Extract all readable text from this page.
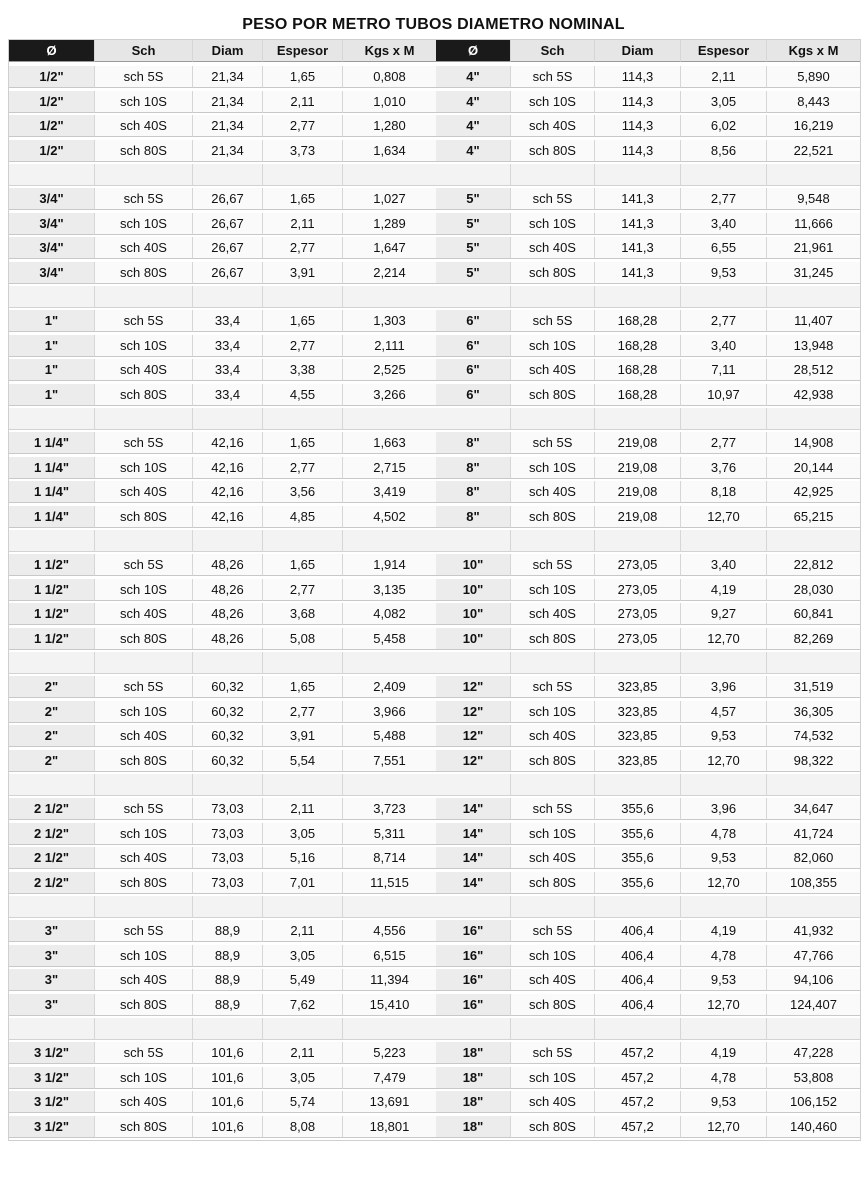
PESO POR METRO TUBOS DIAMETRO NOMINAL
Ø	Sch	Diam	Espesor	Kgs x M
1/2"	sch 5S	21,34	1,65	0,808
1/2"	sch 10S	21,34	2,11	1,010
1/2"	sch 40S	21,34	2,77	1,280
1/2"	sch 80S	21,34	3,73	1,634
3/4"	sch 5S	26,67	1,65	1,027
3/4"	sch 10S	26,67	2,11	1,289
3/4"	sch 40S	26,67	2,77	1,647
3/4"	sch 80S	26,67	3,91	2,214
1"	sch 5S	33,4	1,65	1,303
1"	sch 10S	33,4	2,77	2,111
1"	sch 40S	33,4	3,38	2,525
1"	sch 80S	33,4	4,55	3,266
1 1/4"	sch 5S	42,16	1,65	1,663
1 1/4"	sch 10S	42,16	2,77	2,715
1 1/4"	sch 40S	42,16	3,56	3,419
1 1/4"	sch 80S	42,16	4,85	4,502
1 1/2"	sch 5S	48,26	1,65	1,914
1 1/2"	sch 10S	48,26	2,77	3,135
1 1/2"	sch 40S	48,26	3,68	4,082
1 1/2"	sch 80S	48,26	5,08	5,458
2"	sch 5S	60,32	1,65	2,409
2"	sch 10S	60,32	2,77	3,966
2"	sch 40S	60,32	3,91	5,488
2"	sch 80S	60,32	5,54	7,551
2 1/2"	sch 5S	73,03	2,11	3,723
2 1/2"	sch 10S	73,03	3,05	5,311
2 1/2"	sch 40S	73,03	5,16	8,714
2 1/2"	sch 80S	73,03	7,01	11,515
3"	sch 5S	88,9	2,11	4,556
3"	sch 10S	88,9	3,05	6,515
3"	sch 40S	88,9	5,49	11,394
3"	sch 80S	88,9	7,62	15,410
3 1/2"	sch 5S	101,6	2,11	5,223
3 1/2"	sch 10S	101,6	3,05	7,479
3 1/2"	sch 40S	101,6	5,74	13,691
3 1/2"	sch 80S	101,6	8,08	18,801
Ø	Sch	Diam	Espesor	Kgs x M
4"	sch 5S	114,3	2,11	5,890
4"	sch 10S	114,3	3,05	8,443
4"	sch 40S	114,3	6,02	16,219
4"	sch 80S	114,3	8,56	22,521
5"	sch 5S	141,3	2,77	9,548
5"	sch 10S	141,3	3,40	11,666
5"	sch 40S	141,3	6,55	21,961
5"	sch 80S	141,3	9,53	31,245
6"	sch 5S	168,28	2,77	11,407
6"	sch 10S	168,28	3,40	13,948
6"	sch 40S	168,28	7,11	28,512
6"	sch 80S	168,28	10,97	42,938
8"	sch 5S	219,08	2,77	14,908
8"	sch 10S	219,08	3,76	20,144
8"	sch 40S	219,08	8,18	42,925
8"	sch 80S	219,08	12,70	65,215
10"	sch 5S	273,05	3,40	22,812
10"	sch 10S	273,05	4,19	28,030
10"	sch 40S	273,05	9,27	60,841
10"	sch 80S	273,05	12,70	82,269
12"	sch 5S	323,85	3,96	31,519
12"	sch 10S	323,85	4,57	36,305
12"	sch 40S	323,85	9,53	74,532
12"	sch 80S	323,85	12,70	98,322
14"	sch 5S	355,6	3,96	34,647
14"	sch 10S	355,6	4,78	41,724
14"	sch 40S	355,6	9,53	82,060
14"	sch 80S	355,6	12,70	108,355
16"	sch 5S	406,4	4,19	41,932
16"	sch 10S	406,4	4,78	47,766
16"	sch 40S	406,4	9,53	94,106
16"	sch 80S	406,4	12,70	124,407
18"	sch 5S	457,2	4,19	47,228
18"	sch 10S	457,2	4,78	53,808
18"	sch 40S	457,2	9,53	106,152
18"	sch 80S	457,2	12,70	140,460
